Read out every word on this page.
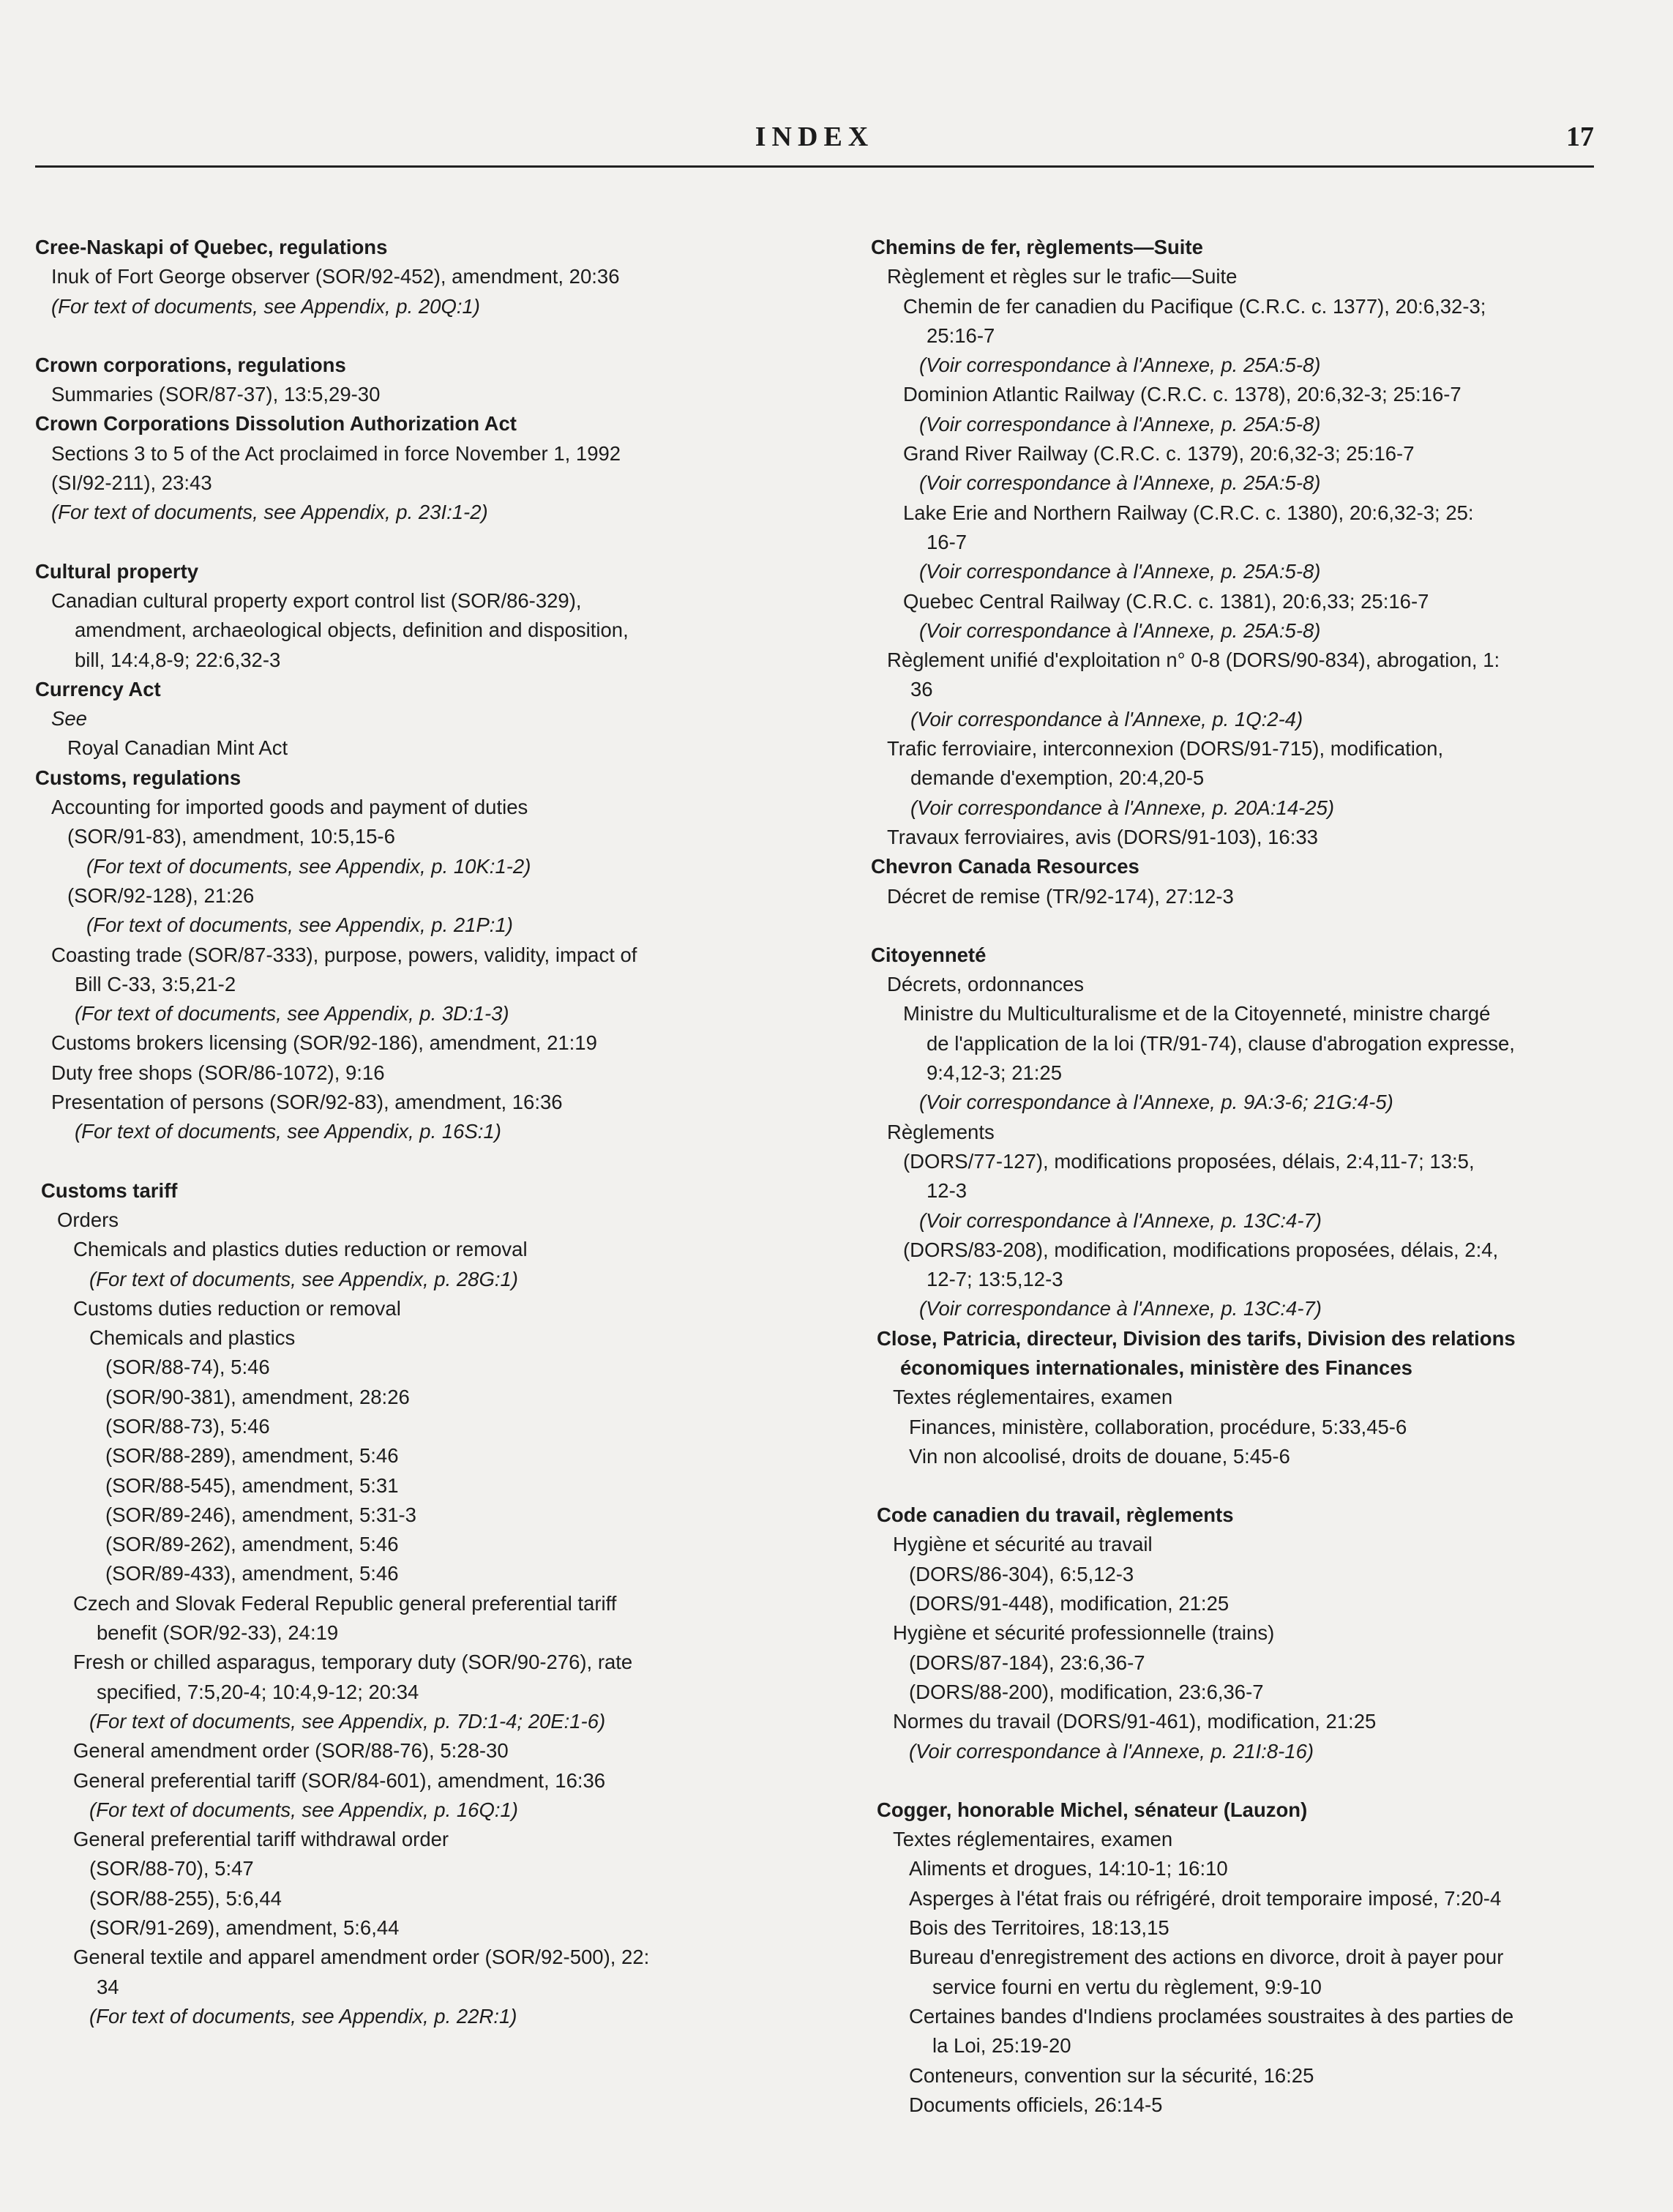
INDEX	17
Cree-Naskapi of Quebec, regulations
Inuk of Fort George observer (SOR/92-452), amendment, 20:36
(For text of documents, see Appendix, p. 20Q:1)
Crown corporations, regulations
Summaries (SOR/87-37), 13:5,29-30
Crown Corporations Dissolution Authorization Act
Sections 3 to 5 of the Act proclaimed in force November 1, 1992
(SI/92-211), 23:43
(For text of documents, see Appendix, p. 23I:1-2)
Cultural property
Canadian cultural property export control list (SOR/86-329),
amendment, archaeological objects, definition and disposition,
bill, 14:4,8-9; 22:6,32-3
Currency Act
See
Royal Canadian Mint Act
Customs, regulations
Accounting for imported goods and payment of duties
(SOR/91-83), amendment, 10:5,15-6
(For text of documents, see Appendix, p. 10K:1-2)
(SOR/92-128), 21:26
(For text of documents, see Appendix, p. 21P:1)
Coasting trade (SOR/87-333), purpose, powers, validity, impact of
Bill C-33, 3:5,21-2
(For text of documents, see Appendix, p. 3D:1-3)
Customs brokers licensing (SOR/92-186), amendment, 21:19
Duty free shops (SOR/86-1072), 9:16
Presentation of persons (SOR/92-83), amendment, 16:36
(For text of documents, see Appendix, p. 16S:1)
Customs tariff
Orders
Chemicals and plastics duties reduction or removal
(For text of documents, see Appendix, p. 28G:1)
Customs duties reduction or removal
Chemicals and plastics
(SOR/88-74), 5:46
(SOR/90-381), amendment, 28:26
(SOR/88-73), 5:46
(SOR/88-289), amendment, 5:46
(SOR/88-545), amendment, 5:31
(SOR/89-246), amendment, 5:31-3
(SOR/89-262), amendment, 5:46
(SOR/89-433), amendment, 5:46
Czech and Slovak Federal Republic general preferential tariff
benefit (SOR/92-33), 24:19
Fresh or chilled asparagus, temporary duty (SOR/90-276), rate
specified, 7:5,20-4; 10:4,9-12; 20:34
(For text of documents, see Appendix, p. 7D:1-4; 20E:1-6)
General amendment order (SOR/88-76), 5:28-30
General preferential tariff (SOR/84-601), amendment, 16:36
(For text of documents, see Appendix, p. 16Q:1)
General preferential tariff withdrawal order
(SOR/88-70), 5:47
(SOR/88-255), 5:6,44
(SOR/91-269), amendment, 5:6,44
General textile and apparel amendment order (SOR/92-500), 22:
34
(For text of documents, see Appendix, p. 22R:1)
Chemins de fer, règlements—Suite
Règlement et règles sur le trafic—Suite
Chemin de fer canadien du Pacifique (C.R.C. c. 1377), 20:6,32-3;
25:16-7
(Voir correspondance à l'Annexe, p. 25A:5-8)
Dominion Atlantic Railway (C.R.C. c. 1378), 20:6,32-3; 25:16-7
(Voir correspondance à l'Annexe, p. 25A:5-8)
Grand River Railway (C.R.C. c. 1379), 20:6,32-3; 25:16-7
(Voir correspondance à l'Annexe, p. 25A:5-8)
Lake Erie and Northern Railway (C.R.C. c. 1380), 20:6,32-3; 25:
16-7
(Voir correspondance à l'Annexe, p. 25A:5-8)
Quebec Central Railway (C.R.C. c. 1381), 20:6,33; 25:16-7
(Voir correspondance à l'Annexe, p. 25A:5-8)
Règlement unifié d'exploitation n° 0-8 (DORS/90-834), abrogation, 1:
36
(Voir correspondance à l'Annexe, p. 1Q:2-4)
Trafic ferroviaire, interconnexion (DORS/91-715), modification,
demande d'exemption, 20:4,20-5
(Voir correspondance à l'Annexe, p. 20A:14-25)
Travaux ferroviaires, avis (DORS/91-103), 16:33
Chevron Canada Resources
Décret de remise (TR/92-174), 27:12-3
Citoyenneté
Décrets, ordonnances
Ministre du Multiculturalisme et de la Citoyenneté, ministre chargé
de l'application de la loi (TR/91-74), clause d'abrogation expresse,
9:4,12-3; 21:25
(Voir correspondance à l'Annexe, p. 9A:3-6; 21G:4-5)
Règlements
(DORS/77-127), modifications proposées, délais, 2:4,11-7; 13:5,
12-3
(Voir correspondance à l'Annexe, p. 13C:4-7)
(DORS/83-208), modification, modifications proposées, délais, 2:4,
12-7; 13:5,12-3
(Voir correspondance à l'Annexe, p. 13C:4-7)
Close, Patricia, directeur, Division des tarifs, Division des relations
économiques internationales, ministère des Finances
Textes réglementaires, examen
Finances, ministère, collaboration, procédure, 5:33,45-6
Vin non alcoolisé, droits de douane, 5:45-6
Code canadien du travail, règlements
Hygiène et sécurité au travail
(DORS/86-304), 6:5,12-3
(DORS/91-448), modification, 21:25
Hygiène et sécurité professionnelle (trains)
(DORS/87-184), 23:6,36-7
(DORS/88-200), modification, 23:6,36-7
Normes du travail (DORS/91-461), modification, 21:25
(Voir correspondance à l'Annexe, p. 21I:8-16)
Cogger, honorable Michel, sénateur (Lauzon)
Textes réglementaires, examen
Aliments et drogues, 14:10-1; 16:10
Asperges à l'état frais ou réfrigéré, droit temporaire imposé, 7:20-4
Bois des Territoires, 18:13,15
Bureau d'enregistrement des actions en divorce, droit à payer pour
service fourni en vertu du règlement, 9:9-10
Certaines bandes d'Indiens proclamées soustraites à des parties de
la Loi, 25:19-20
Conteneurs, convention sur la sécurité, 16:25
Documents officiels, 26:14-5
